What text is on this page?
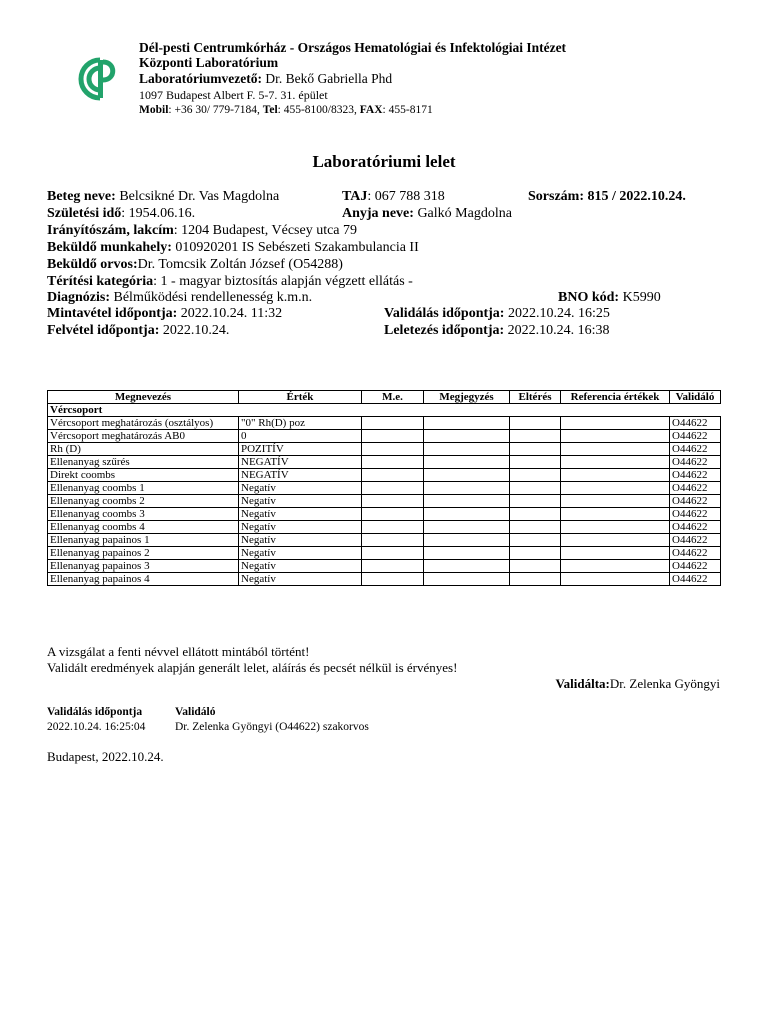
Dél-pesti Centrumkórház - Országos Hematológiai és Infektológiai Intézet
Központi Laboratórium
Laboratóriumvezető: Dr. Bekő Gabriella Phd
1097 Budapest Albert F. 5-7. 31. épület
Mobil: +36 30/ 779-7184, Tel: 455-8100/8323, FAX: 455-8171
Laboratóriumi lelet
Beteg neve: Belcsikné Dr. Vas Magdolna	TAJ: 067 788 318	Sorszám: 815 / 2022.10.24.
Születési idő: 1954.06.16.	Anyja neve: Galkó Magdolna
Irányítószám, lakcím: 1204 Budapest, Vécsey utca 79
Beküldő munkahely: 010920201 IS Sebészeti Szakambulancia II
Beküldő orvos:Dr. Tomcsik Zoltán József (O54288)
Térítési kategória: 1 - magyar biztosítás alapján végzett ellátás -
Diagnózis: Bélműködési rendellenesség k.m.n.	BNO kód: K5990
Mintavétel időpontja: 2022.10.24. 11:32	Validálás időpontja: 2022.10.24. 16:25
Felvétel időpontja: 2022.10.24.	Leletezés időpontja: 2022.10.24. 16:38
Megnevezés	Érték	M.e.	Megjegyzés	Eltérés	Referencia értékek	Validáló
Vércsoport						
Vércsoport meghatározás (osztályos)	"0" Rh(D) poz					O44622
Vércsoport meghatározás AB0	0					O44622
Rh (D)	POZITÍV					O44622
Ellenanyag szűrés	NEGATÍV					O44622
Direkt coombs	NEGATÍV					O44622
Ellenanyag coombs 1	Negatív					O44622
Ellenanyag coombs 2	Negatív					O44622
Ellenanyag coombs 3	Negatív					O44622
Ellenanyag coombs 4	Negatív					O44622
Ellenanyag papainos 1	Negatív					O44622
Ellenanyag papainos 2	Negatív					O44622
Ellenanyag papainos 3	Negatív					O44622
Ellenanyag papainos 4	Negatív					O44622
A vizsgálat a fenti névvel ellátott mintából történt!
Validált eredmények alapján generált lelet, aláírás és pecsét nélkül is érvényes!
Validálta:Dr. Zelenka Gyöngyi
Validálás időpontja	Validáló
2022.10.24. 16:25:04	Dr. Zelenka Gyöngyi (O44622) szakorvos
Budapest, 2022.10.24.
